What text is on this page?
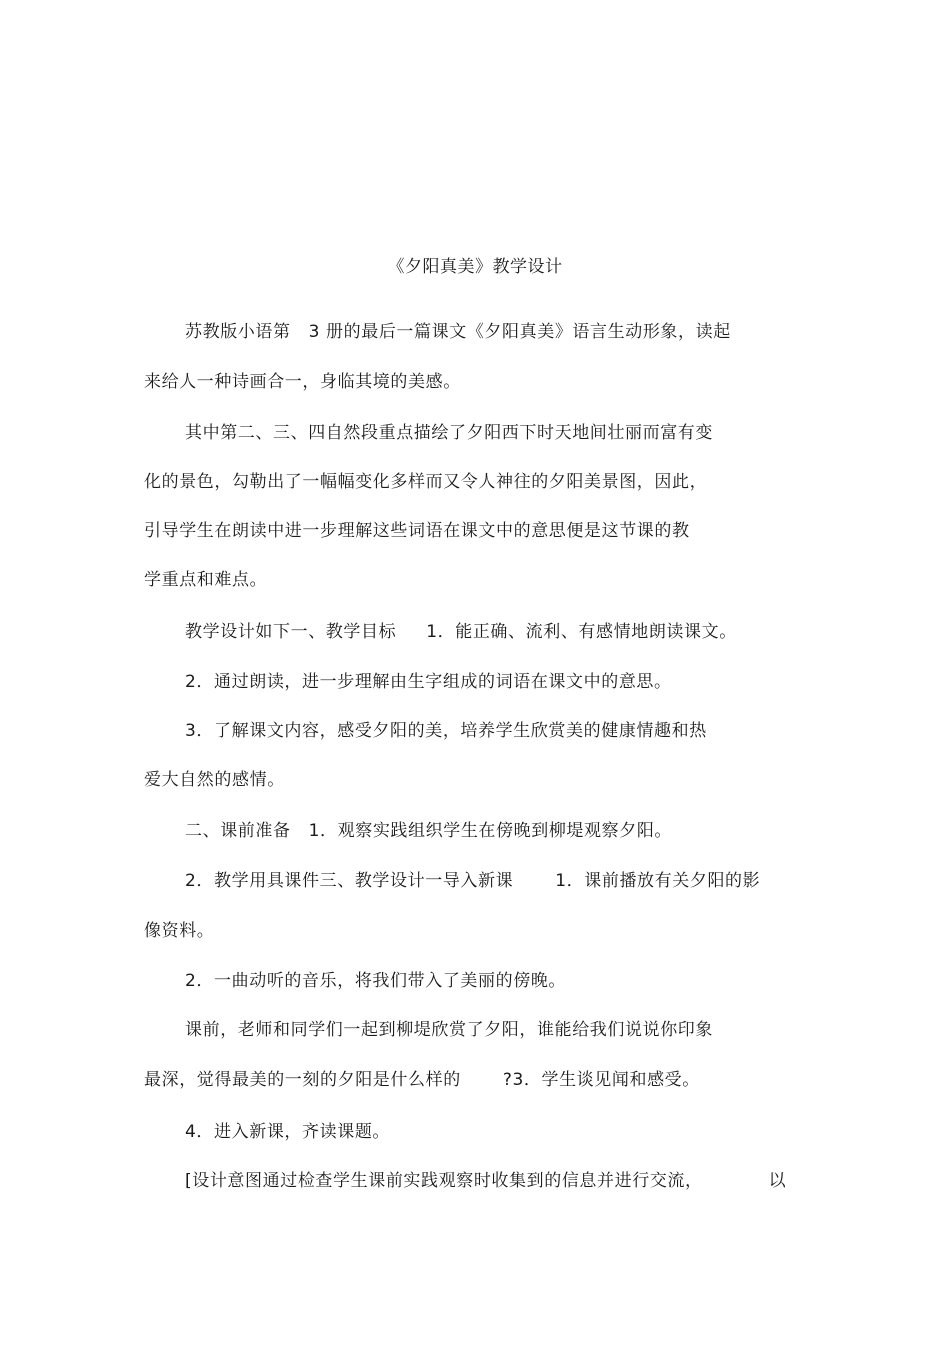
《夕阳真美》教学设计
苏教版小语第   3 册的最后一篇课文《夕阳真美》语言生动形象，读起
来给人一种诗画合一，身临其境的美感。
其中第二、三、四自然段重点描绘了夕阳西下时天地间壮丽而富有变
化的景色，勾勒出了一幅幅变化多样而又令人神往的夕阳美景图，因此，
引导学生在朗读中进一步理解这些词语在课文中的意思便是这节课的教
学重点和难点。
教学设计如下一、教学目标     1．能正确、流利、有感情地朗读课文。
2．通过朗读，进一步理解由生字组成的词语在课文中的意思。
3．了解课文内容，感受夕阳的美，培养学生欣赏美的健康情趣和热
爱大自然的感情。
二、课前准备   1．观察实践组织学生在傍晚到柳堤观察夕阳。
2．教学用具课件三、教学设计一导入新课       1．课前播放有关夕阳的影
像资料。
2．一曲动听的音乐，将我们带入了美丽的傍晚。
课前，老师和同学们一起到柳堤欣赏了夕阳，谁能给我们说说你印象
最深，觉得最美的一刻的夕阳是什么样的       ?3．学生谈见闻和感受。
4．进入新课，齐读课题。
[设计意图通过检查学生课前实践观察时收集到的信息并进行交流，           以
